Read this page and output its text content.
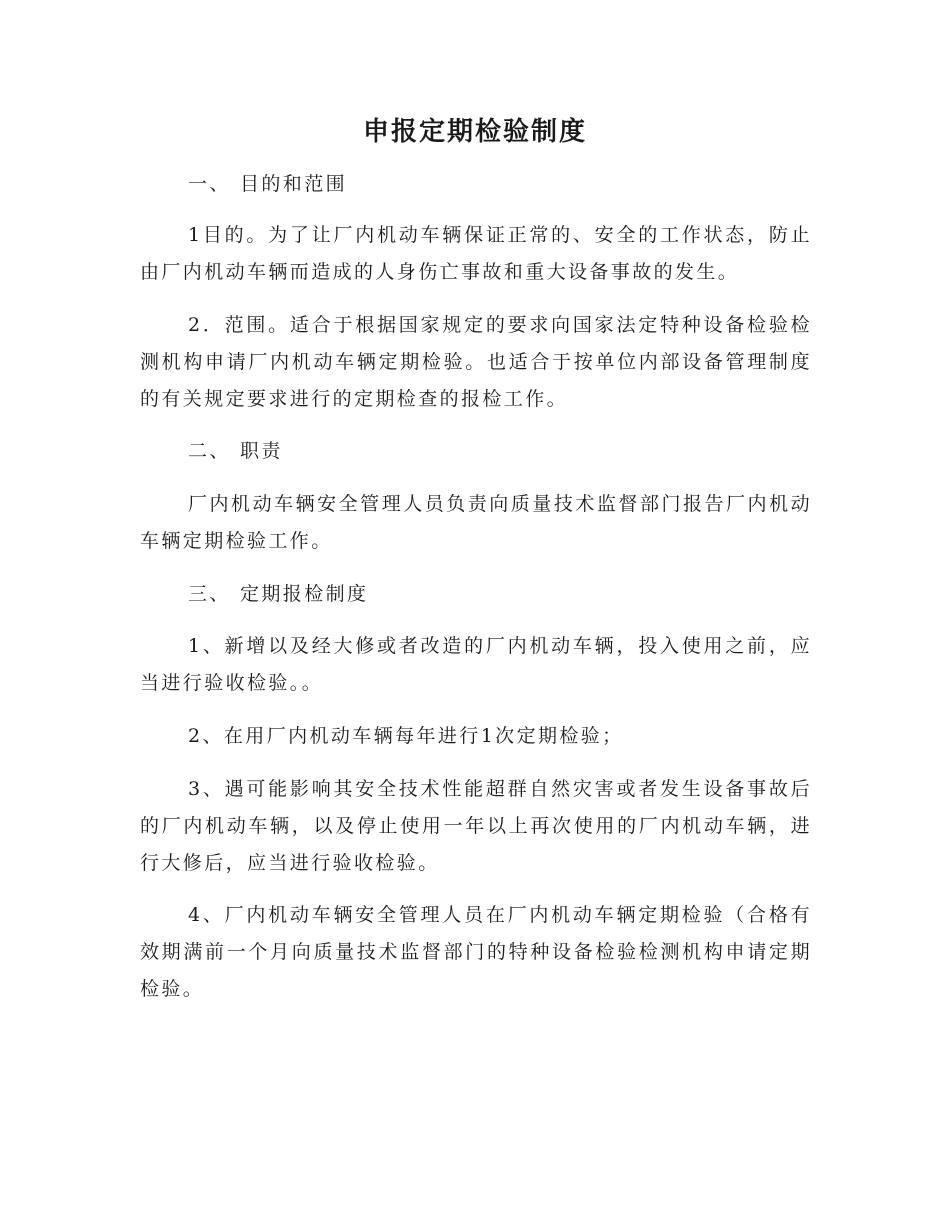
申报定期检验制度
一、 目的和范围

1目的。为了让厂内机动车辆保证正常的、安全的工作状态，防止由厂内机动车辆而造成的人身伤亡事故和重大设备事故的发生。

2．范围。适合于根据国家规定的要求向国家法定特种设备检验检测机构申请厂内机动车辆定期检验。也适合于按单位内部设备管理制度的有关规定要求进行的定期检查的报检工作。

二、 职责

厂内机动车辆安全管理人员负责向质量技术监督部门报告厂内机动车辆定期检验工作。

三、 定期报检制度

1、新增以及经大修或者改造的厂内机动车辆，投入使用之前，应当进行验收检验。。

2、在用厂内机动车辆每年进行1次定期检验；

3、遇可能影响其安全技术性能超群自然灾害或者发生设备事故后的厂内机动车辆，以及停止使用一年以上再次使用的厂内机动车辆，进行大修后，应当进行验收检验。

4、厂内机动车辆安全管理人员在厂内机动车辆定期检验（合格有效期满前一个月向质量技术监督部门的特种设备检验检测机构申请定期检验。
